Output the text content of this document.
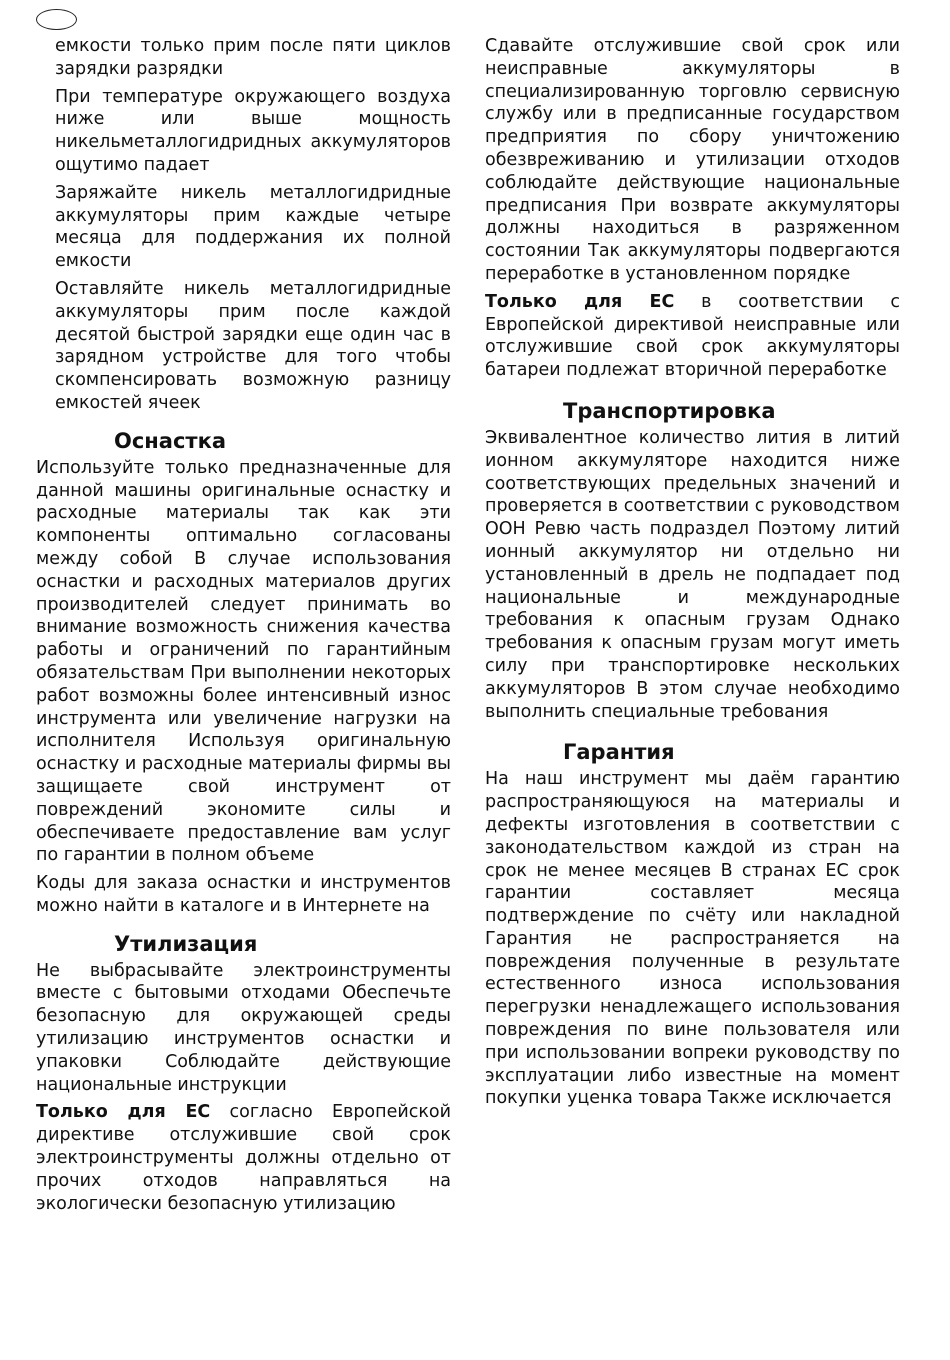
емкости только прим после пяти циклов зарядки разрядки

При температуре окружающего воздуха ниже или выше мощность никельметаллогидридных аккумуляторов ощутимо падает

Заряжайте никель металлогидридные аккумуляторы прим каждые четыре месяца для поддержания их полной емкости

Оставляйте никель металлогидридные аккумуляторы прим после каждой десятой быстрой зарядки еще один час в зарядном устройстве для того чтобы скомпенсировать возможную разницу емкостей ячеек

Оснастка

Используйте только предназначенные для данной машины оригинальные оснастку и расходные материалы так как эти компоненты оптимально согласованы между собой В случае использования оснастки и расходных материалов других производителей следует принимать во внимание возможность снижения качества работы и ограничений по гарантийным обязательствам При выполнении некоторых работ возможны более интенсивный износ инструмента или увеличение нагрузки на исполнителя Используя оригинальную оснастку и расходные материалы фирмы вы защищаете свой инструмент от повреждений экономите силы и обеспечиваете предоставление вам услуг по гарантии в полном объеме

Коды для заказа оснастки и инструментов можно найти в каталоге и в Интернете на

Утилизация

Не выбрасывайте электроинструменты вместе с бытовыми отходами Обеспечьте безопасную для окружающей среды утилизацию инструментов оснастки и упаковки Соблюдайте действующие национальные инструкции

Только для ЕС согласно Европейской директиве отслужившие свой срок электроинструменты должны отдельно от прочих отходов направляться на экологически безопасную утилизацию

Сдавайте отслужившие свой срок или неисправные аккумуляторы в специализированную торговлю сервисную службу или в предписанные государством предприятия по сбору уничтожению обезвреживанию и утилизации отходов соблюдайте действующие национальные предписания При возврате аккумуляторы должны находиться в разряженном состоянии Так аккумуляторы подвергаются переработке в установленном порядке

Только для ЕС в соответствии с Европейской директивой неисправные или отслужившие свой срок аккумуляторы батареи подлежат вторичной переработке

Транспортировка

Эквивалентное количество лития в литий ионном аккумуляторе находится ниже соответствующих предельных значений и проверяется в соответствии с руководством ООН Ревю часть подраздел Поэтому литий ионный аккумулятор ни отдельно ни установленный в дрель не подпадает под национальные и международные требования к опасным грузам Однако требования к опасным грузам могут иметь силу при транспортировке нескольких аккумуляторов В этом случае необходимо выполнить специальные требования

Гарантия

На наш инструмент мы даём гарантию распространяющуюся на материалы и дефекты изготовления в соответствии с законодательством каждой из стран на срок не менее месяцев В странах ЕС срок гарантии составляет месяца подтверждение по счёту или накладной Гарантия не распространяется на повреждения полученные в результате естественного износа использования перегрузки ненадлежащего использования повреждения по вине пользователя или при использовании вопреки руководству по эксплуатации либо известные на момент покупки уценка товара Также исключается
